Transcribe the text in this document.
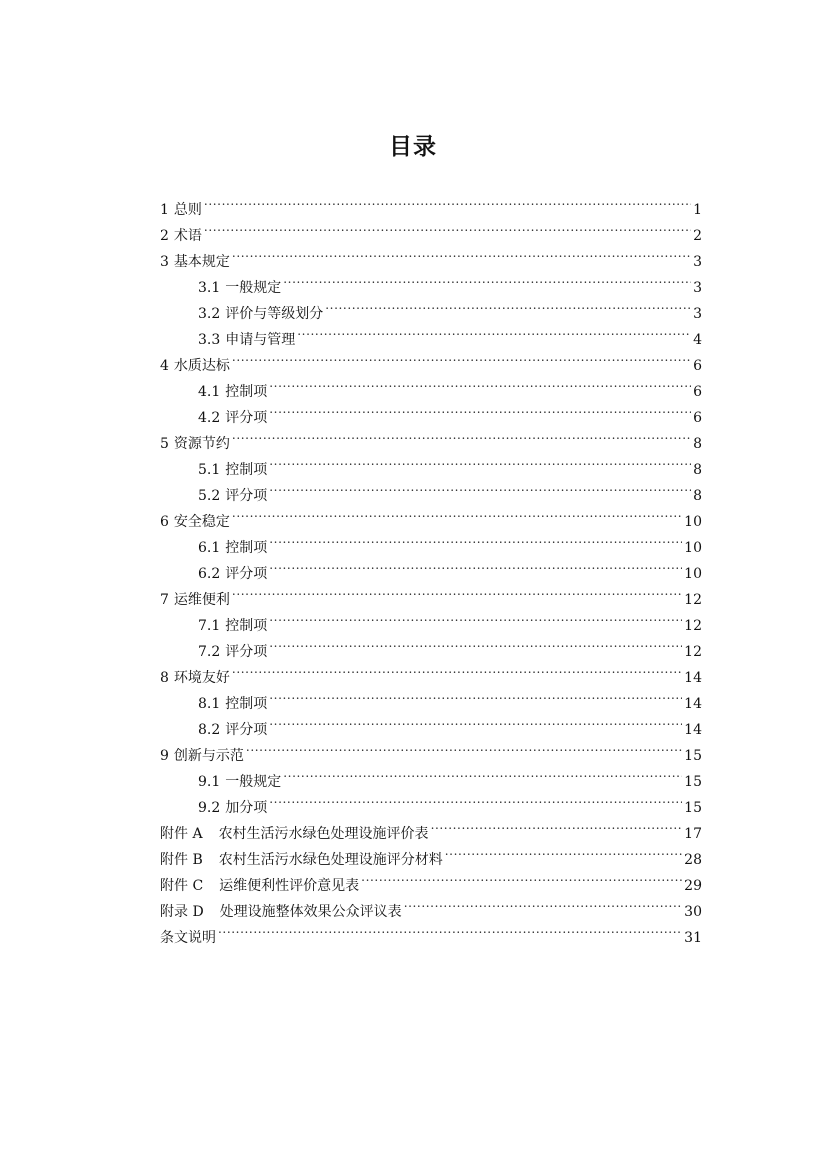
目录
1 总则 .....	1
2 术语 .....	2
3 基本规定 .....	3
3.1 一般规定 .....	3
3.2 评价与等级划分 .....	3
3.3 申请与管理 .....	4
4 水质达标 .....	6
4.1 控制项 .....	6
4.2 评分项 .....	6
5 资源节约 .....	8
5.1 控制项 .....	8
5.2 评分项 .....	8
6 安全稳定 .....	10
6.1 控制项 .....	10
6.2 评分项 .....	10
7 运维便利 .....	12
7.1 控制项 .....	12
7.2 评分项 .....	12
8 环境友好 .....	14
8.1 控制项 .....	14
8.2 评分项 .....	14
9 创新与示范 .....	15
9.1 一般规定 .....	15
9.2 加分项 .....	15
附件 A	农村生活污水绿色处理设施评价表 .....	17
附件 B	农村生活污水绿色处理设施评分材料 .....	28
附件 C	运维便利性评价意见表 .....	29
附录 D	处理设施整体效果公众评议表 .....	30
条文说明 .....	31
